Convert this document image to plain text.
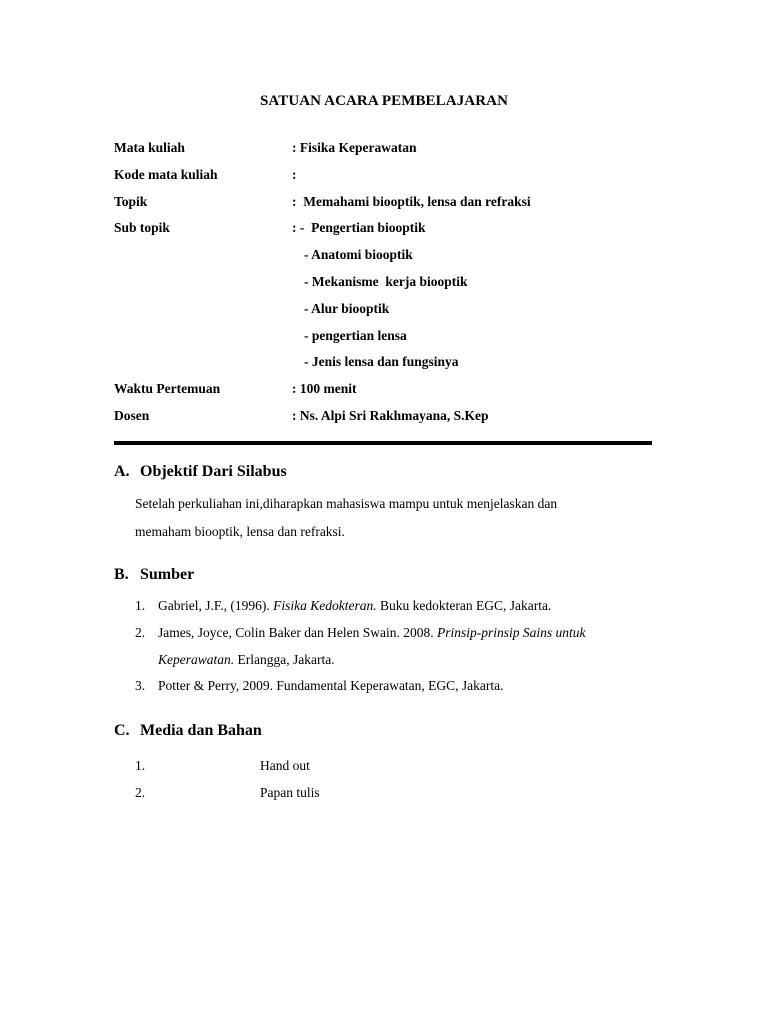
SATUAN ACARA PEMBELAJARAN
Mata kuliah	: Fisika Keperawatan
Kode mata kuliah	:
Topik	:  Memahami biooptik, lensa dan refraksi
Sub topik	: -  Pengertian biooptik
- Anatomi biooptik
- Mekanisme  kerja biooptik
- Alur biooptik
- pengertian lensa
- Jenis lensa dan fungsinya
Waktu Pertemuan	: 100 menit
Dosen	: Ns. Alpi Sri Rakhmayana, S.Kep
A. Objektif Dari Silabus
Setelah perkuliahan ini,diharapkan mahasiswa mampu untuk menjelaskan dan
memaham biooptik, lensa dan refraksi.
B. Sumber
1. Gabriel, J.F., (1996). Fisika Kedokteran. Buku kedokteran EGC, Jakarta.
2. James, Joyce, Colin Baker dan Helen Swain. 2008. Prinsip-prinsip Sains untuk Keperawatan. Erlangga, Jakarta.
3. Potter & Perry, 2009. Fundamental Keperawatan, EGC, Jakarta.
C. Media dan Bahan
1.	Hand out
2.	Papan tulis
